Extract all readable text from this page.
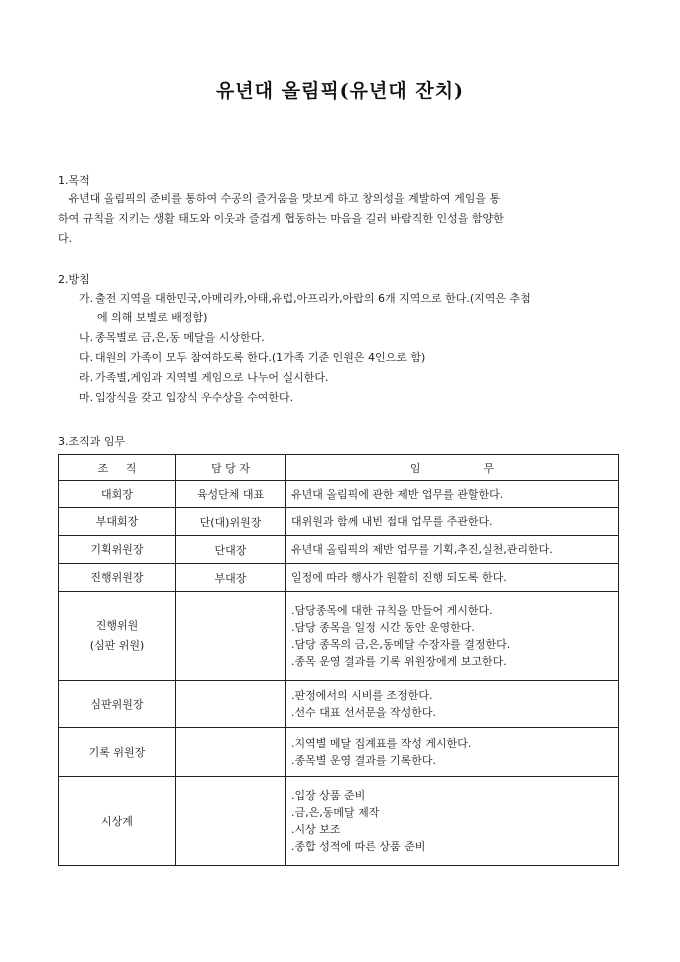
유년대 올림픽(유년대 잔치)
1.목적
유년대 올림픽의 준비를 통하여 수공의 즐거움을 맛보게 하고 창의성을 계발하여 게임을 통
하여 규칙을 지키는 생활 태도와 이웃과 즐겁게 협동하는 마음을 길러 바람직한 인성을 함양한
다.
2.방침
가. 출전 지역을 대한민국,아메리카,아태,유럽,아프리카,아랍의 6개 지역으로 한다.(지역은 추첨
에 의해 보별로 배정함)
나. 종목별로 금,은,동 메달을 시상한다.
다. 대원의 가족이 모두 참여하도록 한다.(1가족 기준 인원은 4인으로 함)
라. 가족별,게임과 지역별 게임으로 나누어 실시한다.
마. 입장식을 갖고 입장식 우수상을 수여한다.
3.조직과 임무
조     직	담 당 자	임                  무

대회장	육성단체 대표	유년대 올림픽에 관한 제반 업무를 관할한다.

부대회장	단(대)위원장	대위원과 함께 내빈 접대 업무를 주관한다.

기획위원장	단대장	유년대 올림픽의 제반 업무를 기획,추진,실천,관리한다.

진행위원장	부대장	일정에 따라 행사가 원활히 진행 되도록 한다.

진행위원
(심판 위원)		.담당종목에 대한 규칙을 만들어 게시한다.
.담당 종목을 일정 시간 동안 운영한다.
.담당 종목의 금,은,동메달 수장자를 결정한다.
.종목 운영 결과를 기록 위원장에게 보고한다.

심판위원장		.판정에서의 시비를 조정한다.
.선수 대표 선서문을 작성한다.

기록 위원장		.지역별 메달 집계표를 작성 게시한다.
.종목별 운영 결과를 기록한다.

시상계		.입장 상품 준비
.금,은,동메달 제작
.시상 보조
.종합 성적에 따른 상품 준비
